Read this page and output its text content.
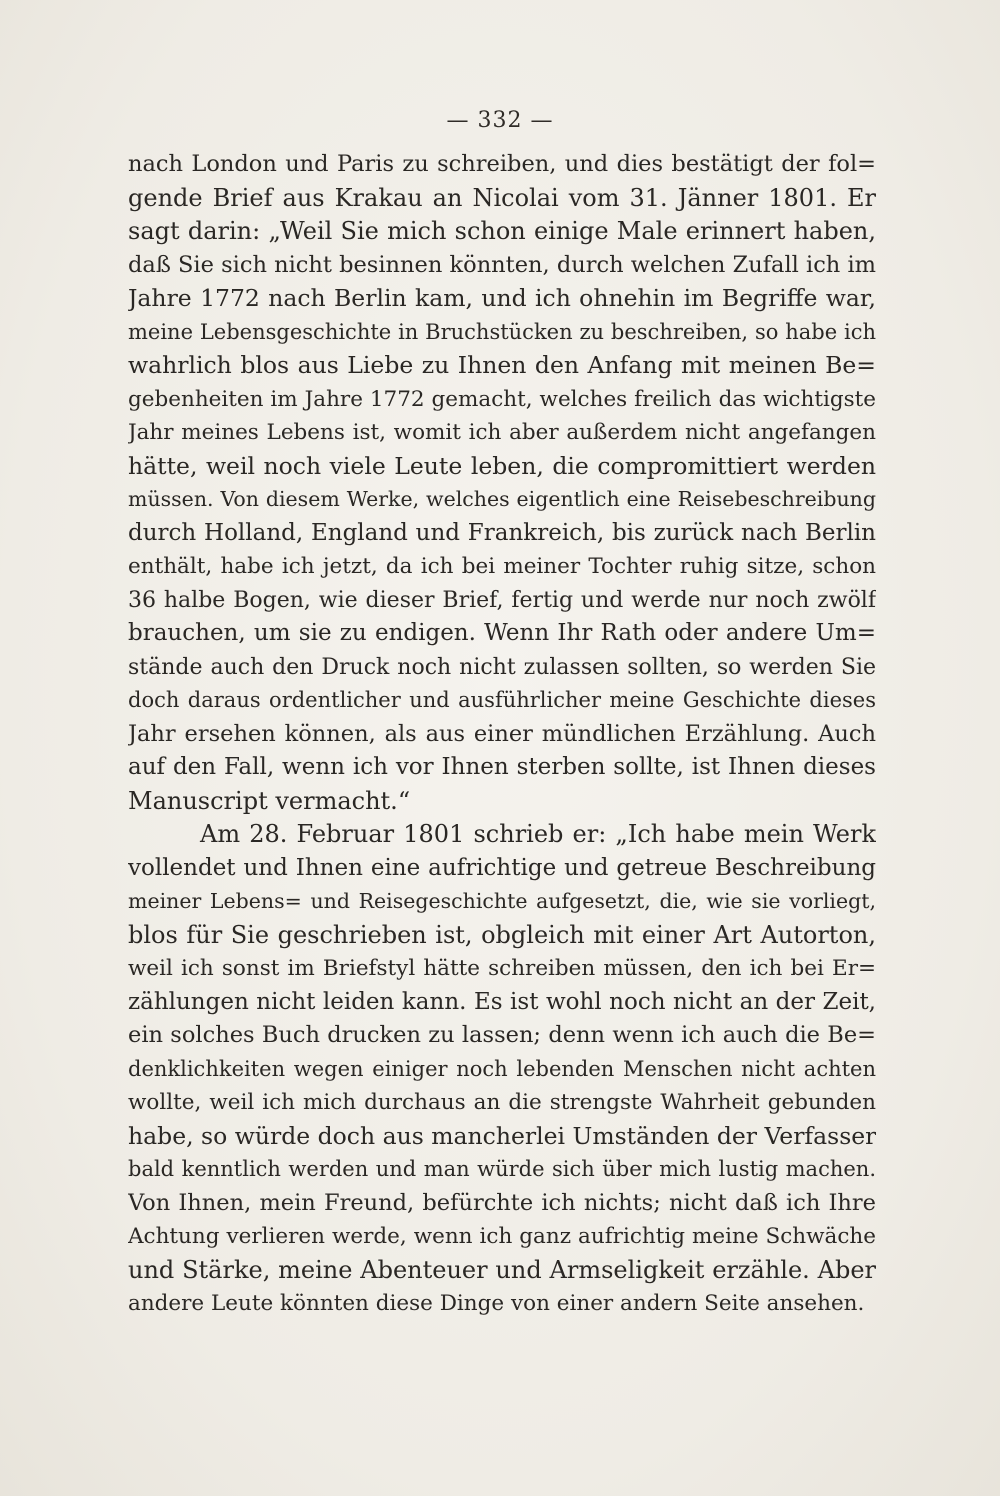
— 332 —
nach London und Paris zu schreiben, und dies bestätigt der fol=
gende Brief aus Krakau an Nicolai vom 31. Jänner 1801. Er
sagt darin: „Weil Sie mich schon einige Male erinnert haben,
daß Sie sich nicht besinnen könnten, durch welchen Zufall ich im
Jahre 1772 nach Berlin kam, und ich ohnehin im Begriffe war,
meine Lebensgeschichte in Bruchstücken zu beschreiben, so habe ich
wahrlich blos aus Liebe zu Ihnen den Anfang mit meinen Be=
gebenheiten im Jahre 1772 gemacht, welches freilich das wichtigste
Jahr meines Lebens ist, womit ich aber außerdem nicht angefangen
hätte, weil noch viele Leute leben, die compromittiert werden
müssen. Von diesem Werke, welches eigentlich eine Reisebeschreibung
durch Holland, England und Frankreich, bis zurück nach Berlin
enthält, habe ich jetzt, da ich bei meiner Tochter ruhig sitze, schon
36 halbe Bogen, wie dieser Brief, fertig und werde nur noch zwölf
brauchen, um sie zu endigen. Wenn Ihr Rath oder andere Um=
stände auch den Druck noch nicht zulassen sollten, so werden Sie
doch daraus ordentlicher und ausführlicher meine Geschichte dieses
Jahr ersehen können, als aus einer mündlichen Erzählung. Auch
auf den Fall, wenn ich vor Ihnen sterben sollte, ist Ihnen dieses
Manuscript vermacht.“
Am 28. Februar 1801 schrieb er: „Ich habe mein Werk
vollendet und Ihnen eine aufrichtige und getreue Beschreibung
meiner Lebens= und Reisegeschichte aufgesetzt, die, wie sie vorliegt,
blos für Sie geschrieben ist, obgleich mit einer Art Autorton,
weil ich sonst im Briefstyl hätte schreiben müssen, den ich bei Er=
zählungen nicht leiden kann. Es ist wohl noch nicht an der Zeit,
ein solches Buch drucken zu lassen; denn wenn ich auch die Be=
denklichkeiten wegen einiger noch lebenden Menschen nicht achten
wollte, weil ich mich durchaus an die strengste Wahrheit gebunden
habe, so würde doch aus mancherlei Umständen der Verfasser
bald kenntlich werden und man würde sich über mich lustig machen.
Von Ihnen, mein Freund, befürchte ich nichts; nicht daß ich Ihre
Achtung verlieren werde, wenn ich ganz aufrichtig meine Schwäche
und Stärke, meine Abenteuer und Armseligkeit erzähle. Aber
andere Leute könnten diese Dinge von einer andern Seite ansehen.
